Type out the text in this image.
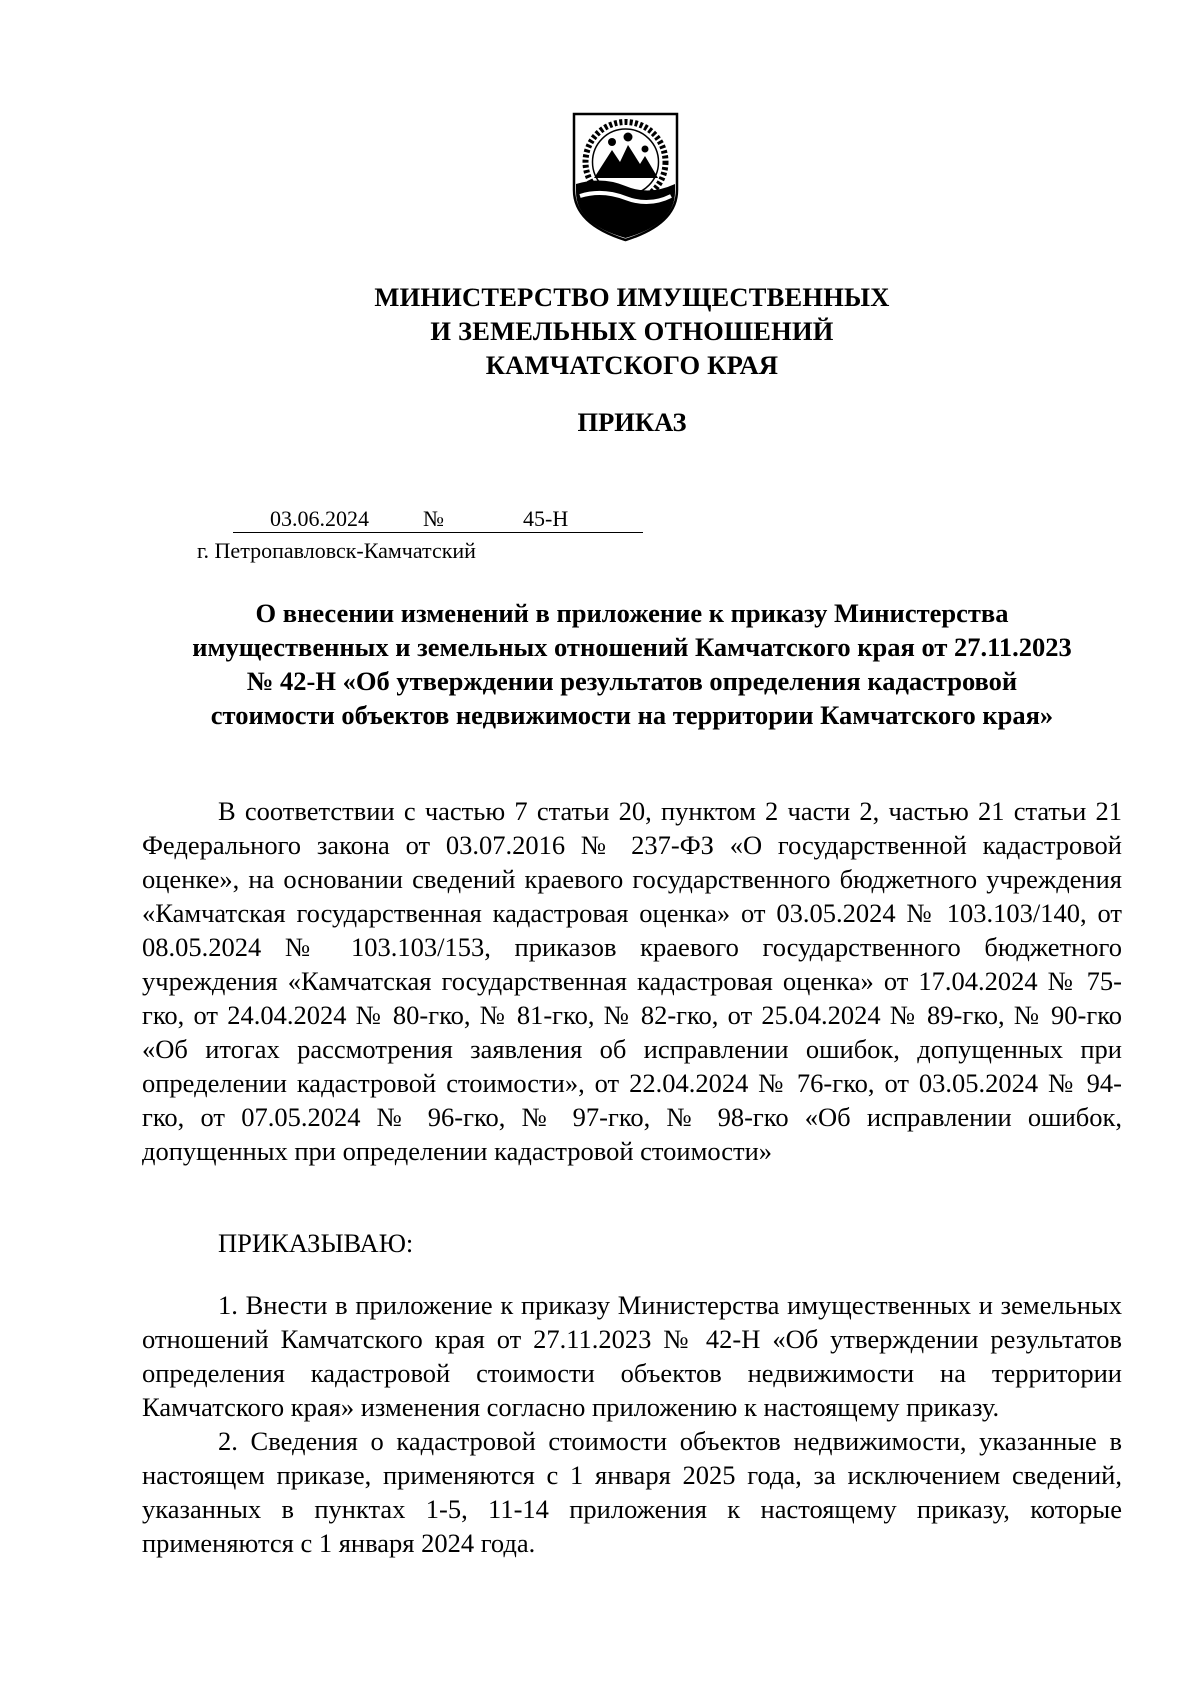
МИНИСТЕРСТВО ИМУЩЕСТВЕННЫХ
И ЗЕМЕЛЬНЫХ ОТНОШЕНИЙ
КАМЧАТСКОГО КРАЯ
ПРИКАЗ
03.06.2024 №	45-Н
г. Петропавловск-Камчатский
О внесении изменений в приложение к приказу Министерства
имущественных и земельных отношений Камчатского края от 27.11.2023
№ 42-Н «Об утверждении результатов определения кадастровой
стоимости объектов недвижимости на территории Камчатского края»
В соответствии с частью 7 статьи 20, пунктом 2 части 2, частью 21 статьи 21 Федерального закона от 03.07.2016 № 237-ФЗ «О государственной кадастровой оценке», на основании сведений краевого государственного бюджетного учреждения «Камчатская государственная кадастровая оценка» от 03.05.2024 № 103.103/140, от 08.05.2024 № 103.103/153, приказов краевого государственного бюджетного учреждения «Камчатская государственная кадастровая оценка» от 17.04.2024 № 75-гко, от 24.04.2024 № 80-гко, № 81-гко, № 82-гко, от 25.04.2024 № 89-гко, № 90-гко «Об итогах рассмотрения заявления об исправлении ошибок, допущенных при определении кадастровой стоимости», от 22.04.2024 № 76-гко, от 03.05.2024 № 94-гко, от 07.05.2024 № 96-гко, № 97-гко, № 98-гко «Об исправлении ошибок, допущенных при определении кадастровой стоимости»
ПРИКАЗЫВАЮ:
1. Внести в приложение к приказу Министерства имущественных и земельных отношений Камчатского края от 27.11.2023 № 42-Н «Об утверждении результатов определения кадастровой стоимости объектов недвижимости на территории Камчатского края» изменения согласно приложению к настоящему приказу.
2. Сведения о кадастровой стоимости объектов недвижимости, указанные в настоящем приказе, применяются с 1 января 2025 года, за исключением сведений, указанных в пунктах 1-5, 11-14 приложения к настоящему приказу, которые применяются с 1 января 2024 года.
